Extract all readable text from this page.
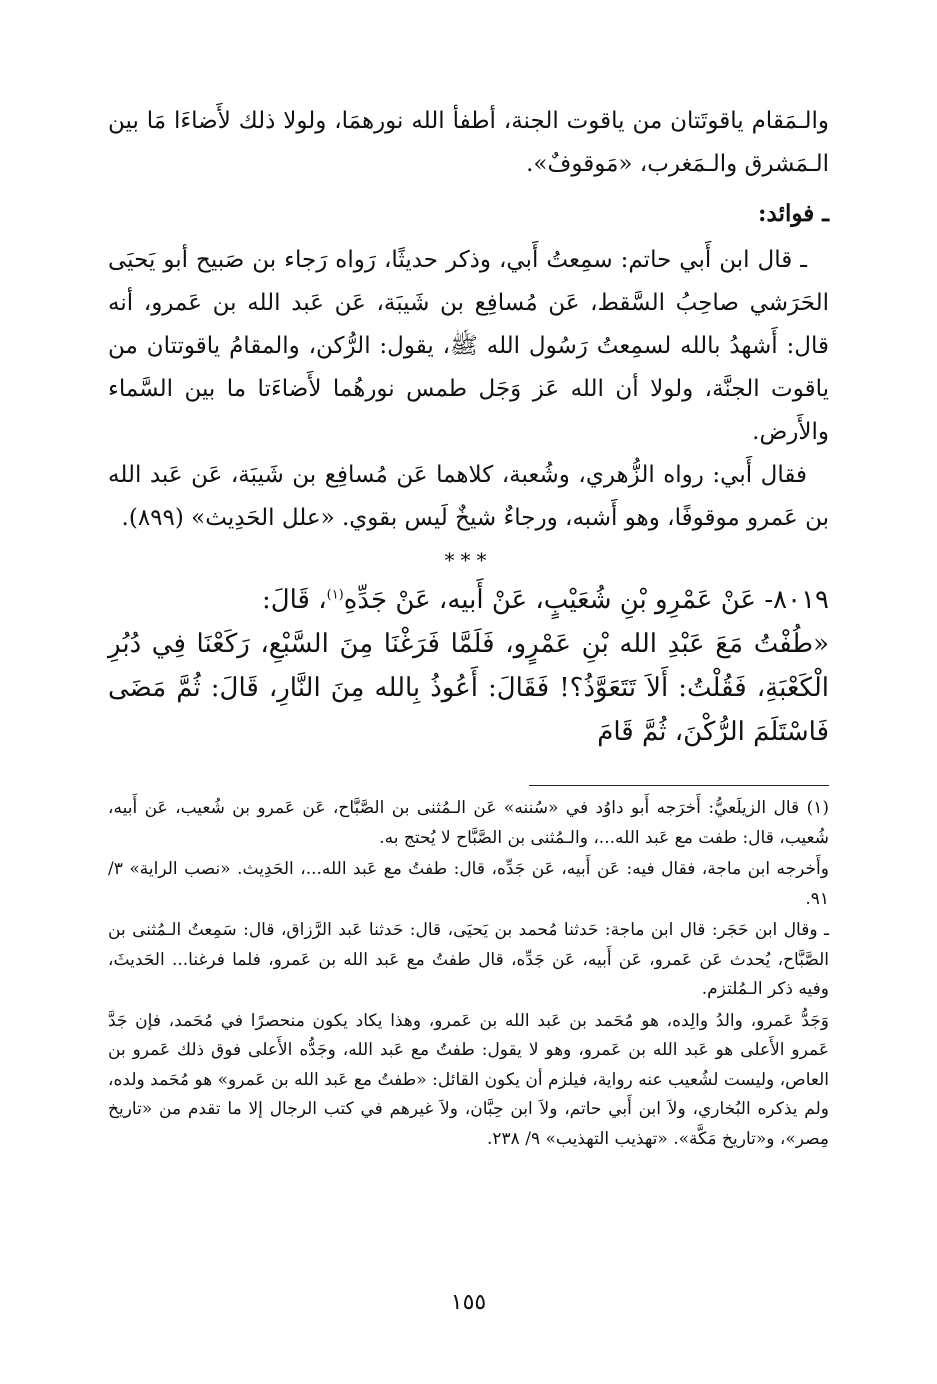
والـمَقام ياقوتَتان من ياقوت الجنة، أطفأ الله نورهمَا، ولولا ذلك لأَضاءَا مَا بين الـمَشرق والـمَغرب، «مَوقوفٌ».

ـ فوائد:

ـ قال ابن أَبي حاتم: سمِعتُ أَبي، وذكر حديثًا، رَواه رَجاء بن صَبيح أبو يَحيَى الحَرَشي صاحِبُ السَّقط، عَن مُسافِع بن شَيبَة، عَن عَبد الله بن عَمرو، أنه قال: أَشهدُ بالله لسمِعتُ رَسُول الله ﷺ، يقول: الرُّكن، والمقامُ ياقوتتان من ياقوت الجنَّة، ولولا أن الله عَز وَجَل طمس نورهُما لأَضاءَتا ما بين السَّماء والأَرض.

فقال أَبي: رواه الزُّهري، وشُعبة، كلاهما عَن مُسافِع بن شَيبَة، عَن عَبد الله بن عَمرو موقوفًا، وهو أَشبه، ورجاءٌ شيخٌ لَيس بقوي. «علل الحَدِيث» (٨٩٩).

***

٨٠١٩- عَنْ عَمْرِو بْنِ شُعَيْبٍ، عَنْ أَبيه، عَنْ جَدِّهِ$^{(١)}$، قَالَ:

«طُفْتُ مَعَ عَبْدِ الله بْنِ عَمْرٍو، فَلَمَّا فَرَغْنَا مِنَ السَّبْعِ، رَكَعْنَا فِي دُبُرِ الْكَعْبَةِ، فَقُلْتُ: أَلاَ تَتَعَوَّذُ؟! فَقَالَ: أَعُوذُ بِالله مِنَ النَّارِ، قَالَ: ثُمَّ مَضَى فَاسْتَلَمَ الرُّكْنَ، ثُمَّ قَامَ

(١) قال الزيلَعيُّ: أَخرَجه أَبو داوُد في «سُننه» عَن الـمُثنى بن الصَّبَّاح، عَن عَمرو بن شُعيب، عَن أَبيه، شُعيب، قال: طفت مع عَبد الله...، والـمُثنى بن الصَّبَّاح لا يُحتج به.

وأَخرجه ابن ماجة، فقال فيه: عَن أَبيه، عَن جَدِّه، قال: طفتُ مع عَبد الله...، الحَدِيث. «نصب الراية» ٣/ ٩١.

ـ وقال ابن حَجَر: قال ابن ماجة: حَدثنا مُحمد بن يَحيَى، قال: حَدثنا عَبد الرَّزاق، قال: سَمِعتُ الـمُثنى بن الصَّبَّاح، يُحدث عَن عَمرو، عَن أَبيه، عَن جَدِّه، قال طفتُ مع عَبد الله بن عَمرو، فلما فرغنا... الحَديثَ، وفيه ذكر الـمُلتزم.

وَجَدُّ عَمرو، والدُ والِده، هو مُحَمد بن عَبد الله بن عَمرو، وهذا يكاد يكون منحصرًا في مُحَمد، فإن جَدَّ عَمرو الأَعلى هو عَبد الله بن عَمرو، وهو لا يقول: طفتُ مع عَبد الله، وجَدُّه الأَعلى فوق ذلك عَمرو بن العاص، وليست لشُعيب عنه رواية، فيلزم أن يكون القائل: «طفتُ مع عَبد الله بن عَمرو» هو مُحَمد ولده، ولم يذكره البُخاري، ولاَ ابن أَبي حاتم، ولاَ ابن حِبَّان، ولاَ غيرهم في كتب الرجال إلا ما تقدم من «تاريخ مِصر»، و«تاريخ مَكَّة». «تهذيب التهذيب» ٩/ ٢٣٨.

١٥٥
